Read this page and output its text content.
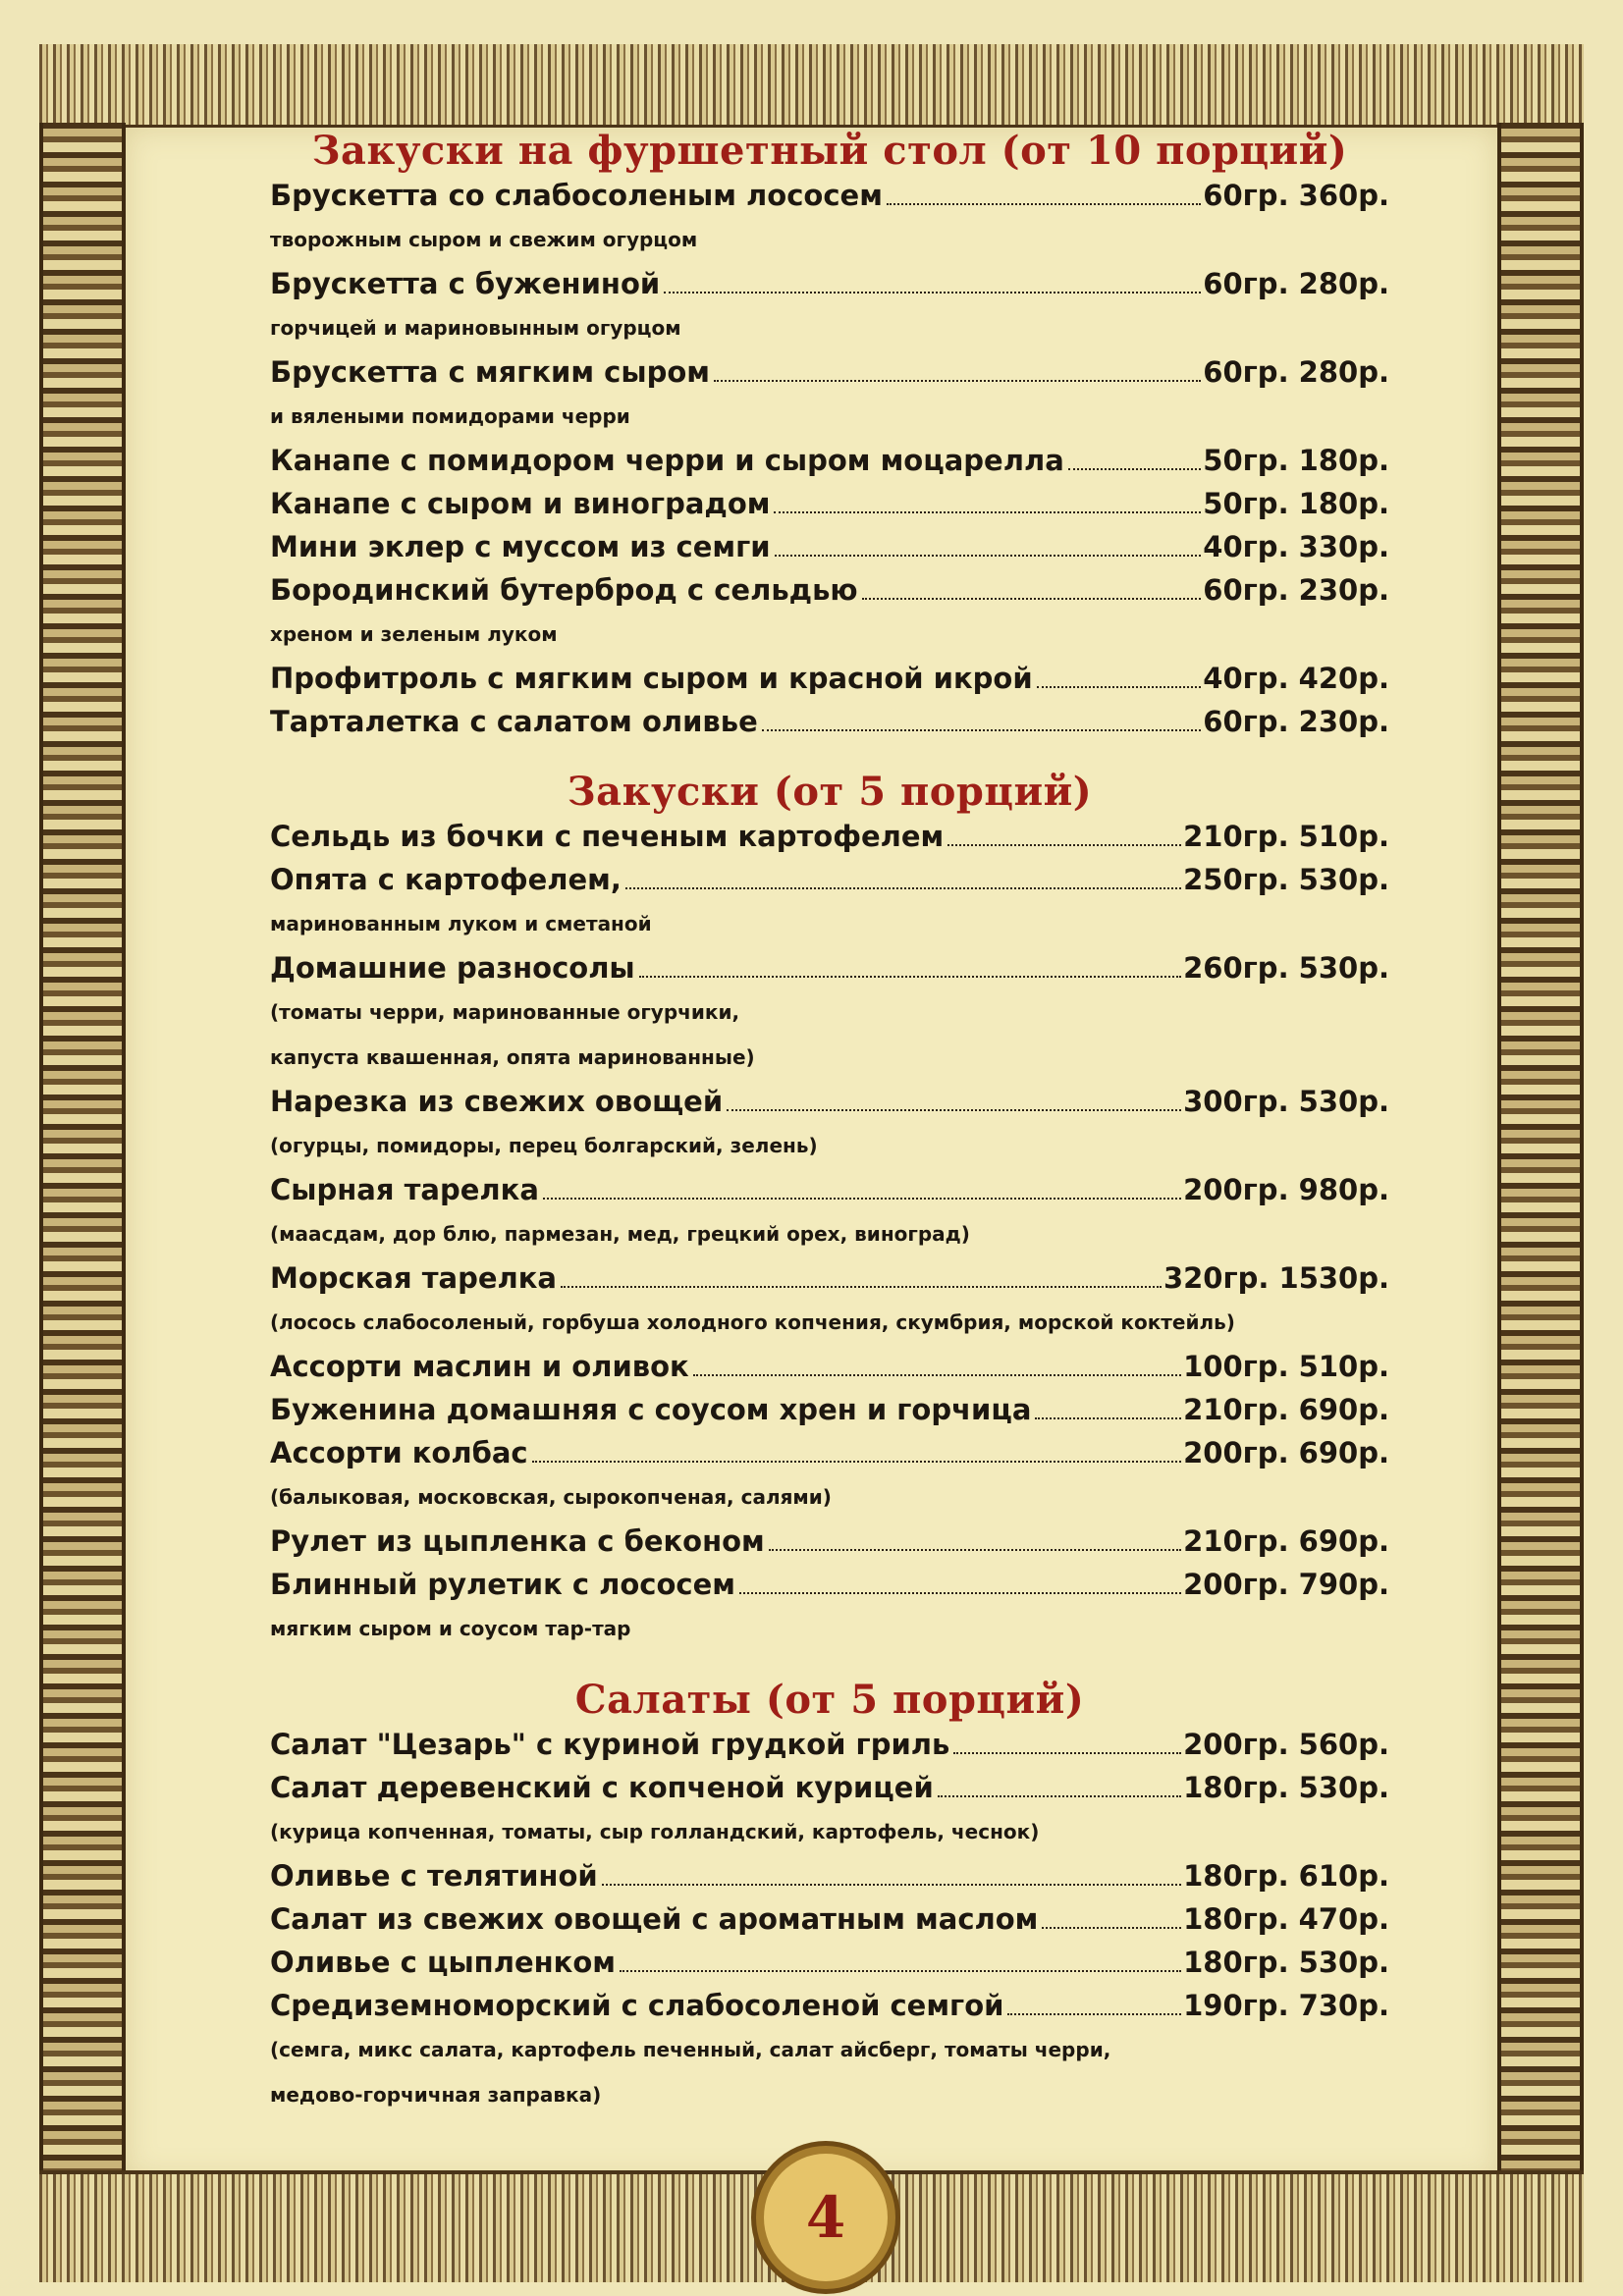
Закуски на фуршетный стол (от 10 порций)
Брускетта со слабосоленым лососем	60гр. 360р.
творожным сыром и свежим огурцом
Брускетта с бужениной	60гр. 280р.
горчицей и мариновынным огурцом
Брускетта с мягким сыром	60гр. 280р.
и вялеными помидорами черри
Канапе с помидором черри и сыром моцарелла	50гр. 180р.
Канапе с сыром и виноградом	50гр. 180р.
Мини эклер с муссом из семги	40гр. 330р.
Бородинский бутерброд с сельдью	60гр. 230р.
хреном и зеленым луком
Профитроль с мягким сыром и красной икрой	40гр. 420р.
Тарталетка с салатом оливье	60гр. 230р.
Закуски (от 5 порций)
Сельдь из бочки с печеным картофелем	210гр. 510р.
Опята с картофелем,	250гр. 530р.
маринованным луком и сметаной
Домашние разносолы	260гр. 530р.
(томаты черри, маринованные огурчики,
капуста квашенная, опята маринованные)
Нарезка из свежих овощей	300гр. 530р.
(огурцы, помидоры, перец болгарский, зелень)
Сырная тарелка	200гр. 980р.
(маасдам, дор блю, пармезан, мед, грецкий орех, виноград)
Морская тарелка	320гр. 1530р.
(лосось слабосоленый, горбуша холодного копчения, скумбрия, морской коктейль)
Ассорти маслин и оливок	100гр. 510р.
Буженина домашняя с соусом хрен и горчица	210гр. 690р.
Ассорти колбас	200гр. 690р.
(балыковая, московская, сырокопченая, салями)
Рулет из цыпленка с беконом	210гр. 690р.
Блинный рулетик с лососем	200гр. 790р.
мягким сыром и соусом тар-тар
Салаты (от 5 порций)
Салат "Цезарь" с куриной грудкой гриль	200гр. 560р.
Салат деревенский с копченой курицей	180гр. 530р.
(курица копченная, томаты, сыр голландский, картофель, чеснок)
Оливье с телятиной	180гр. 610р.
Салат из свежих овощей с ароматным маслом	180гр. 470р.
Оливье с цыпленком	180гр. 530р.
Средиземноморский с слабосоленой семгой	190гр. 730р.
(семга, микс салата, картофель печенный, салат айсберг, томаты черри,
медово-горчичная заправка)
4
